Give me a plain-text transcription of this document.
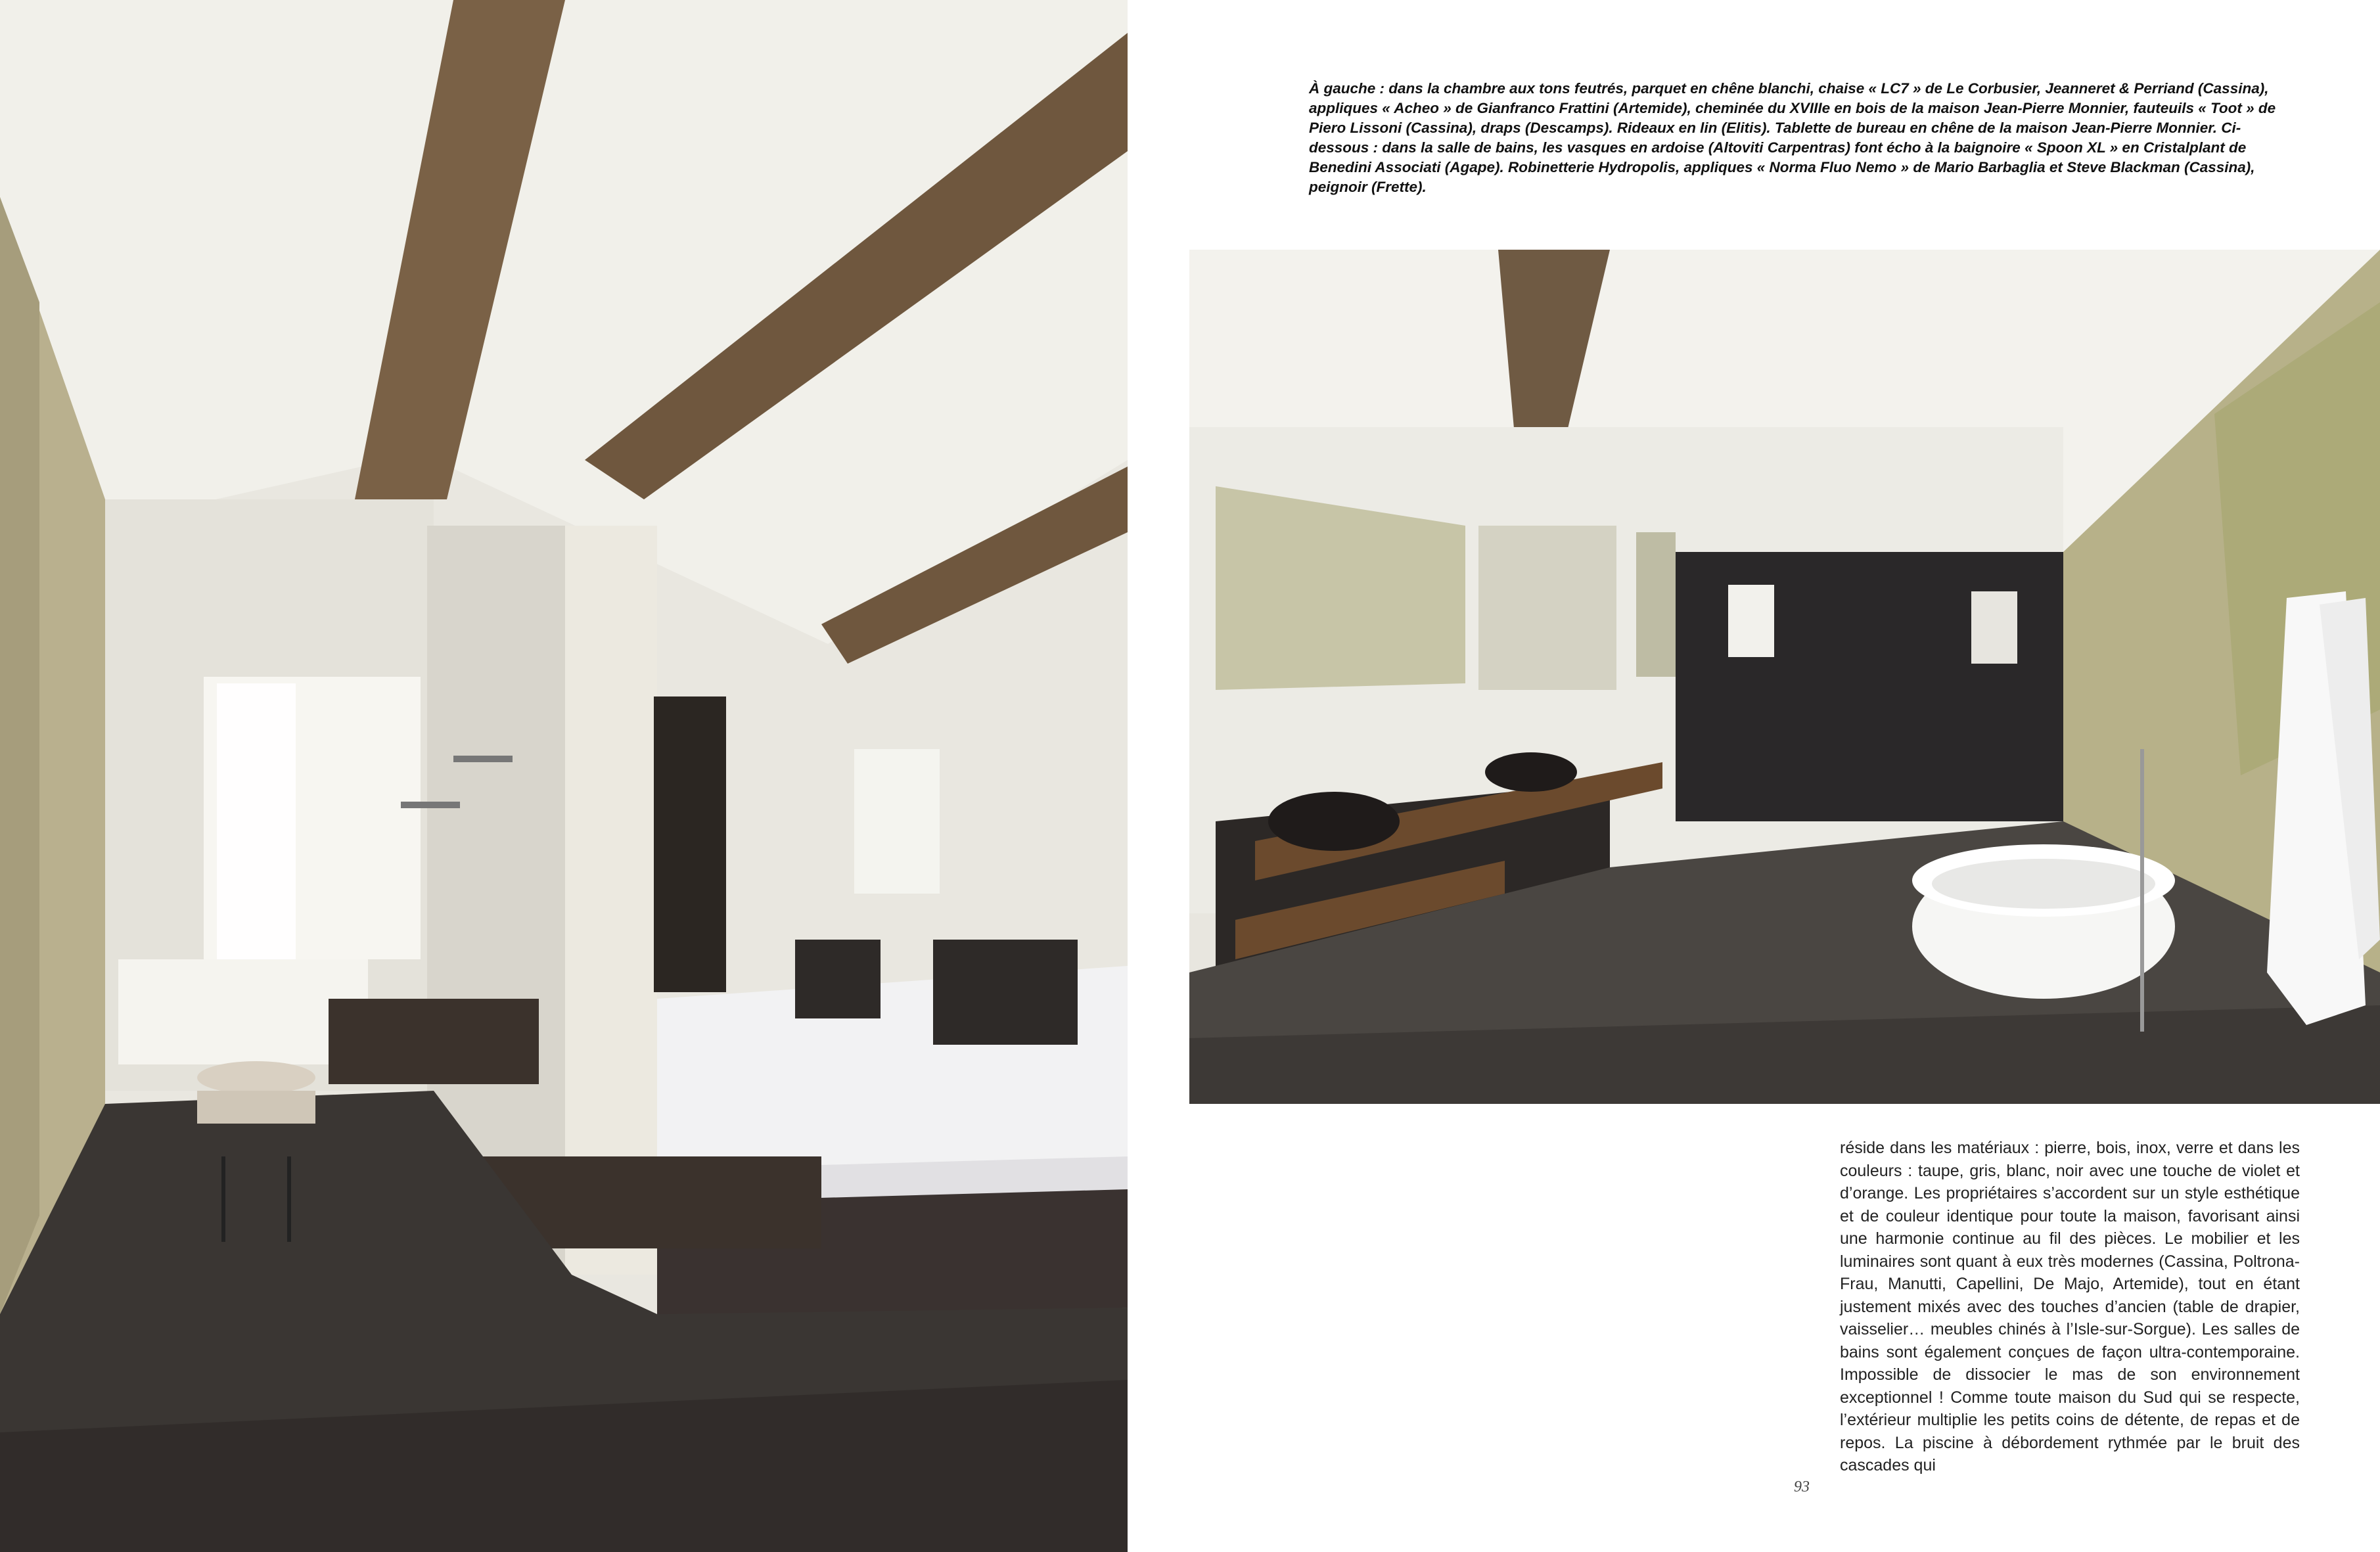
À gauche : dans la chambre aux tons feutrés, parquet en chêne blanchi, chaise « LC7 » de Le Corbusier, Jeanneret & Perriand (Cassina), appliques « Acheo » de Gianfranco Frattini (Artemide), cheminée du XVIIIe en bois de la maison Jean-Pierre Monnier, fauteuils « Toot » de Piero Lissoni (Cassina), draps (Descamps). Rideaux en lin (Elitis). Tablette de bureau en chêne de la maison Jean-Pierre Monnier. Ci-dessous : dans la salle de bains, les vasques en ardoise (Altoviti Carpentras) font écho à la baignoire « Spoon XL » en Cristalplant de Benedini Associati (Agape). Robinetterie Hydropolis, appliques « Norma Fluo Nemo » de Mario Barbaglia et Steve Blackman (Cassina), peignoir (Frette).

réside dans les matériaux : pierre, bois, inox, verre et dans les couleurs : taupe, gris, blanc, noir avec une touche de violet et d’orange. Les propriétaires s’accordent sur un style esthétique et de couleur identique pour toute la maison, favorisant ainsi une harmonie continue au fil des pièces. Le mobilier et les luminaires sont quant à eux très modernes (Cassina, Poltrona-Frau, Manutti, Capellini, De Majo, Artemide), tout en étant justement mixés avec des touches d’ancien (table de drapier, vaisselier… meubles chinés à l’Isle-sur-Sorgue). Les salles de bains sont également conçues de façon ultra-contemporaine. Impossible de dissocier le mas de son environnement exceptionnel ! Comme toute maison du Sud qui se respecte, l’extérieur multiplie les petits coins de détente, de repas et de repos. La piscine à débordement rythmée par le bruit des cascades qui

93
